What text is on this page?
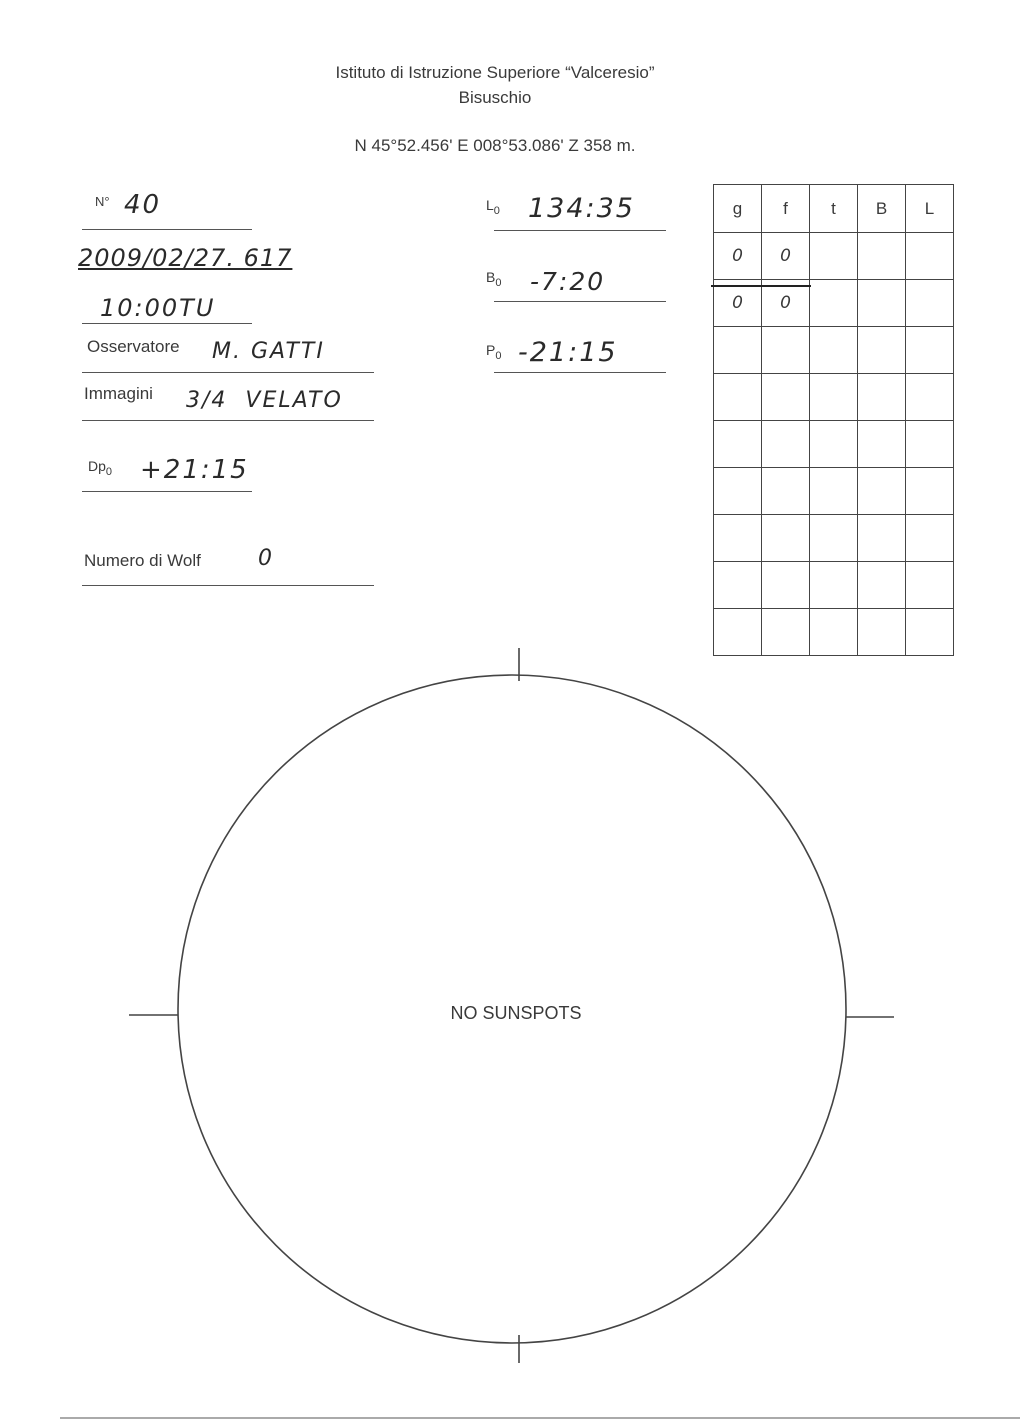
Istituto di Istruzione Superiore “Valceresio”
Bisuschio
N 45°52.456' E 008°53.086' Z 358 m.
N° 40
2009/02/27. 617
10:00TU
Osservatore M. GATTI
Immagini 3/4  VELATO
$Dp_0$ +21:15
Numero di Wolf	0
$L_0$ 134:35
$B_0$ -7:20
$P_0$ -21:15
g	f	t	B	L
0	0			
0	0			

NO SUNSPOTS
